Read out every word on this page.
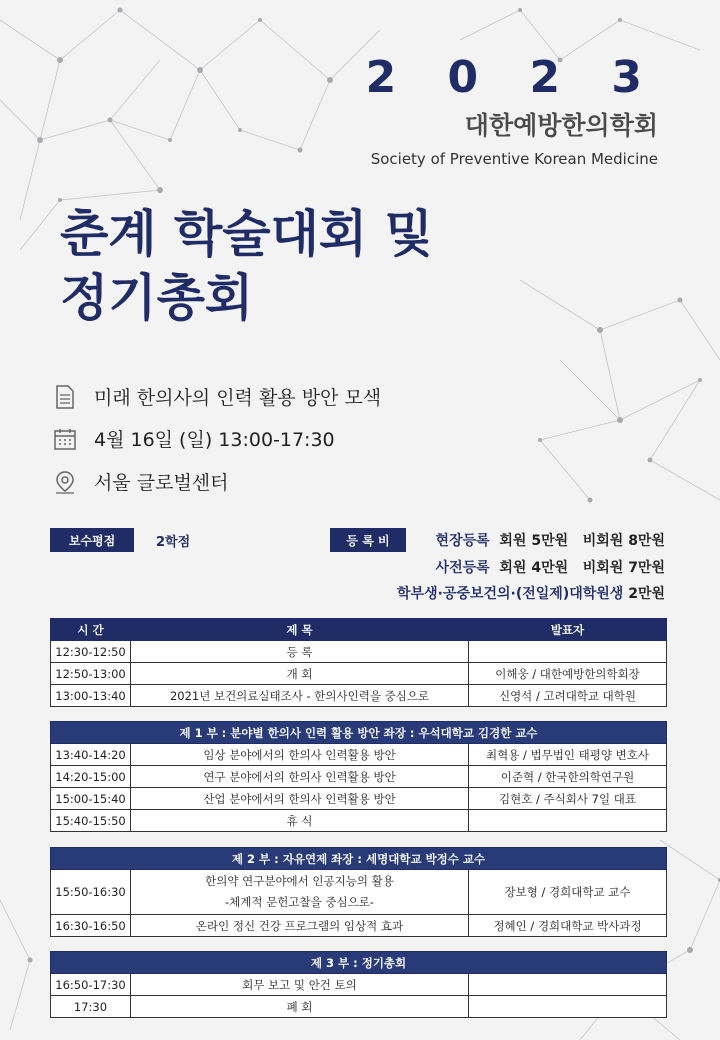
2 0 2 3
대한예방한의학회
Society of Preventive Korean Medicine
춘계 학술대회 및
정기총회
미래 한의사의 인력 활용 방안 모색
4월 16일 (일) 13:00-17:30
서울 글로벌센터
보수평점	2학점	등 록 비	현장등록 회원 5만원 비회원 8만원
사전등록 회원 4만원 비회원 7만원
학부생·공중보건의·(전일제)대학원생 2만원
시 간	제 목	발표자
12:30-12:50	등 록	
12:50-13:00	개 회	이해웅 / 대한예방한의학회장
13:00-13:40	2021년 보건의료실태조사 - 한의사인력을 중심으로	신영석 / 고려대학교 대학원
제 1 부 : 분야별 한의사 인력 활용 방안 좌장 : 우석대학교 김경한 교수		
13:40-14:20	임상 분야에서의 한의사 인력활용 방안	최혁용 / 법무법인 태평양 변호사
14:20-15:00	연구 분야에서의 한의사 인력활용 방안	이준혁 / 한국한의학연구원
15:00-15:40	산업 분야에서의 한의사 인력활용 방안	김현호 / 주식회사 7일 대표
15:40-15:50	휴 식	
제 2 부 : 자유연제 좌장 : 세명대학교 박정수 교수		
15:50-16:30	한의약 연구분야에서 인공지능의 활용
-체계적 문헌고찰을 중심으로-	장보형 / 경희대학교 교수
16:30-16:50	온라인 정신 건강 프로그램의 임상적 효과	정혜인 / 경희대학교 박사과정
제 3 부 : 정기총회		
16:50-17:30	회무 보고 및 안건 토의	
17:30	폐 회	
